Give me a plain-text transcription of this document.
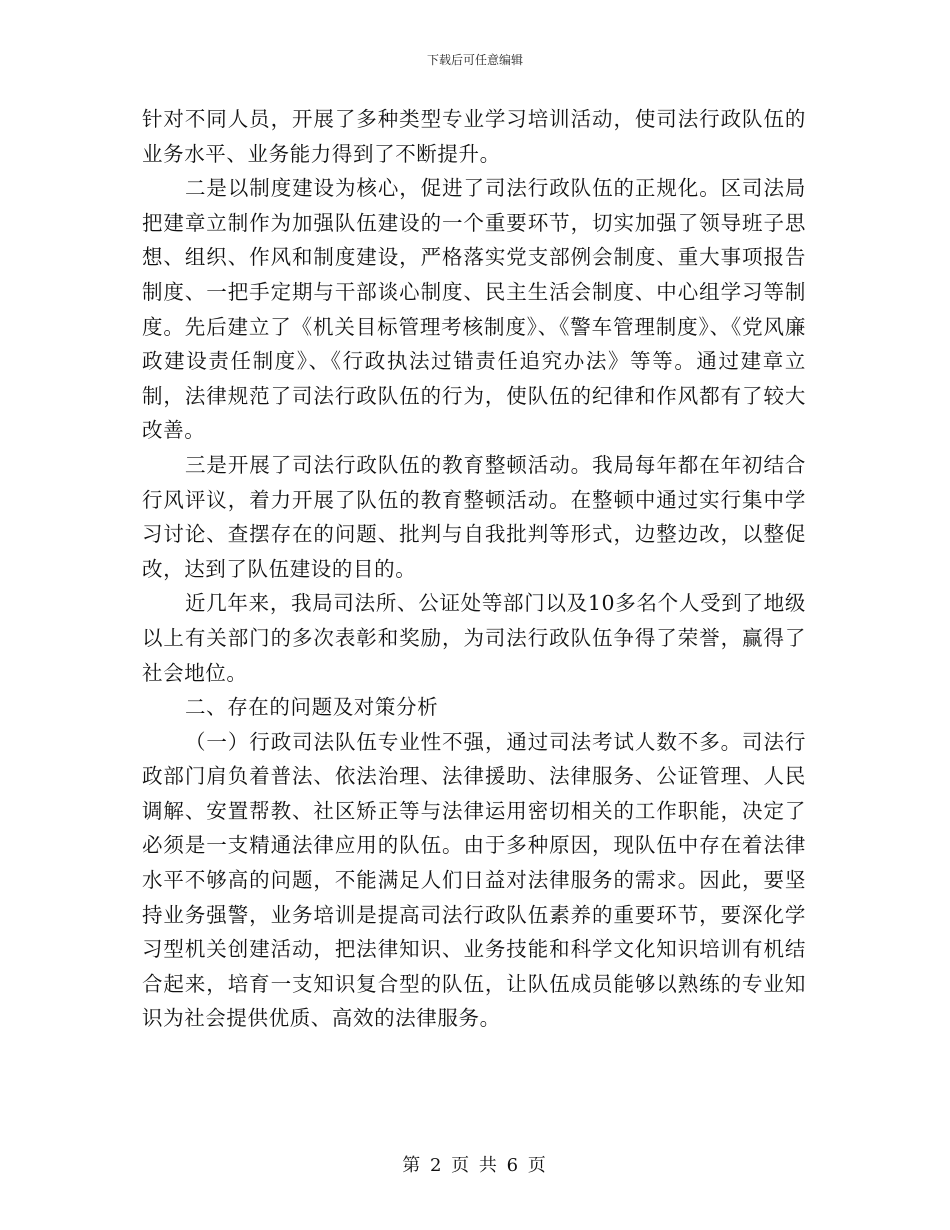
下载后可任意编辑

针对不同人员，开展了多种类型专业学习培训活动，使司法行政队伍的业务水平、业务能力得到了不断提升。

二是以制度建设为核心，促进了司法行政队伍的正规化。区司法局把建章立制作为加强队伍建设的一个重要环节，切实加强了领导班子思想、组织、作风和制度建设，严格落实党支部例会制度、重大事项报告制度、一把手定期与干部谈心制度、民主生活会制度、中心组学习等制度。先后建立了《机关目标管理考核制度》、《警车管理制度》、《党风廉政建设责任制度》、《行政执法过错责任追究办法》等等。通过建章立制，法律规范了司法行政队伍的行为，使队伍的纪律和作风都有了较大改善。

三是开展了司法行政队伍的教育整顿活动。我局每年都在年初结合行风评议，着力开展了队伍的教育整顿活动。在整顿中通过实行集中学习讨论、查摆存在的问题、批判与自我批判等形式，边整边改，以整促改，达到了队伍建设的目的。

近几年来，我局司法所、公证处等部门以及10多名个人受到了地级以上有关部门的多次表彰和奖励，为司法行政队伍争得了荣誉，赢得了社会地位。

二、存在的问题及对策分析

（一）行政司法队伍专业性不强，通过司法考试人数不多。司法行政部门肩负着普法、依法治理、法律援助、法律服务、公证管理、人民调解、安置帮教、社区矫正等与法律运用密切相关的工作职能，决定了必须是一支精通法律应用的队伍。由于多种原因，现队伍中存在着法律水平不够高的问题，不能满足人们日益对法律服务的需求。因此，要坚持业务强警，业务培训是提高司法行政队伍素养的重要环节，要深化学习型机关创建活动，把法律知识、业务技能和科学文化知识培训有机结合起来，培育一支知识复合型的队伍，让队伍成员能够以熟练的专业知识为社会提供优质、高效的法律服务。

第 2 页 共 6 页
